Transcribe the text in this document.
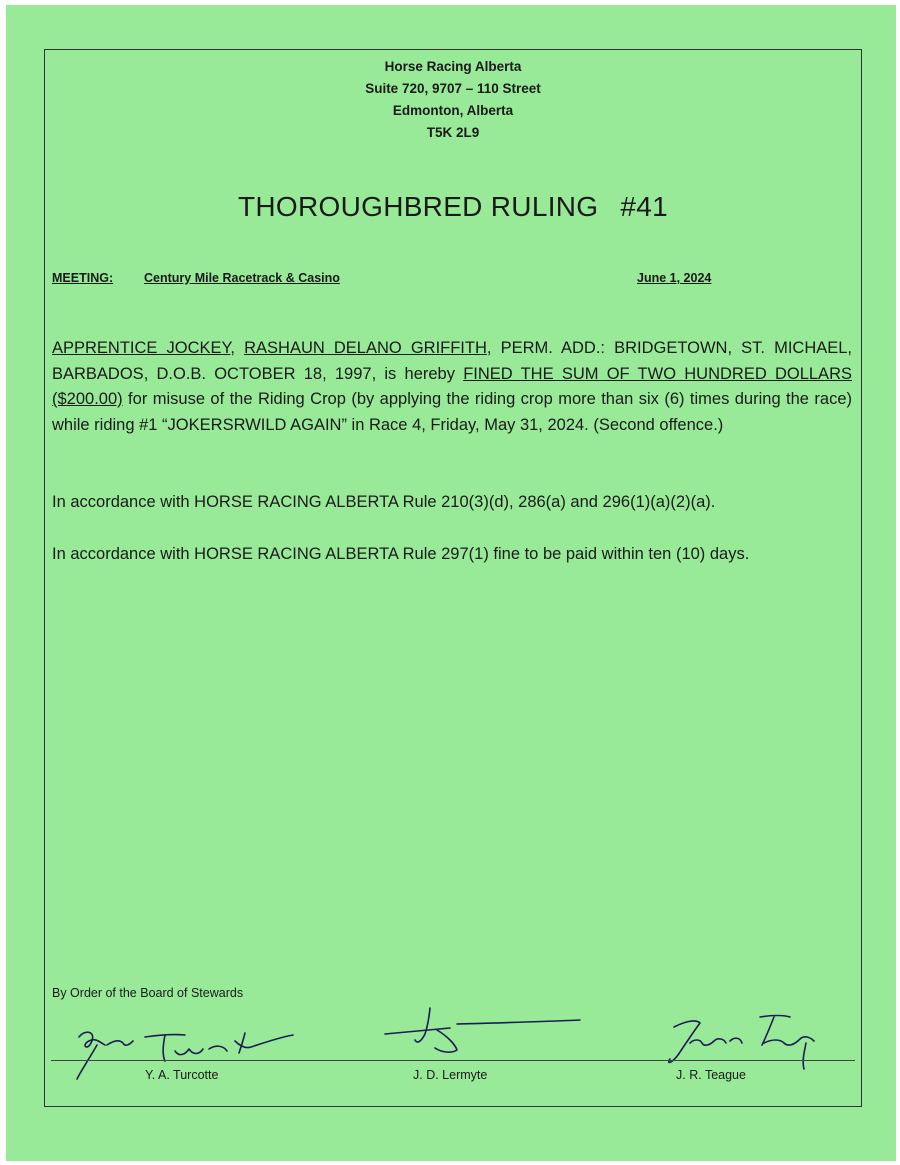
Horse Racing Alberta
Suite 720, 9707 – 110 Street
Edmonton, Alberta
T5K 2L9
THOROUGHBRED RULING #41
MEETING: Century Mile Racetrack & Casino	June 1, 2024
APPRENTICE JOCKEY, RASHAUN DELANO GRIFFITH, PERM. ADD.: BRIDGETOWN, ST. MICHAEL, BARBADOS, D.O.B. OCTOBER 18, 1997, is hereby FINED THE SUM OF TWO HUNDRED DOLLARS ($200.00) for misuse of the Riding Crop (by applying the riding crop more than six (6) times during the race) while riding #1 “JOKERSRWILD AGAIN” in Race 4, Friday, May 31, 2024. (Second offence.)
In accordance with HORSE RACING ALBERTA Rule 210(3)(d), 286(a) and 296(1)(a)(2)(a).
In accordance with HORSE RACING ALBERTA Rule 297(1) fine to be paid within ten (10) days.
By Order of the Board of Stewards
Y. A. Turcotte	J. D. Lermyte	J. R. Teague
